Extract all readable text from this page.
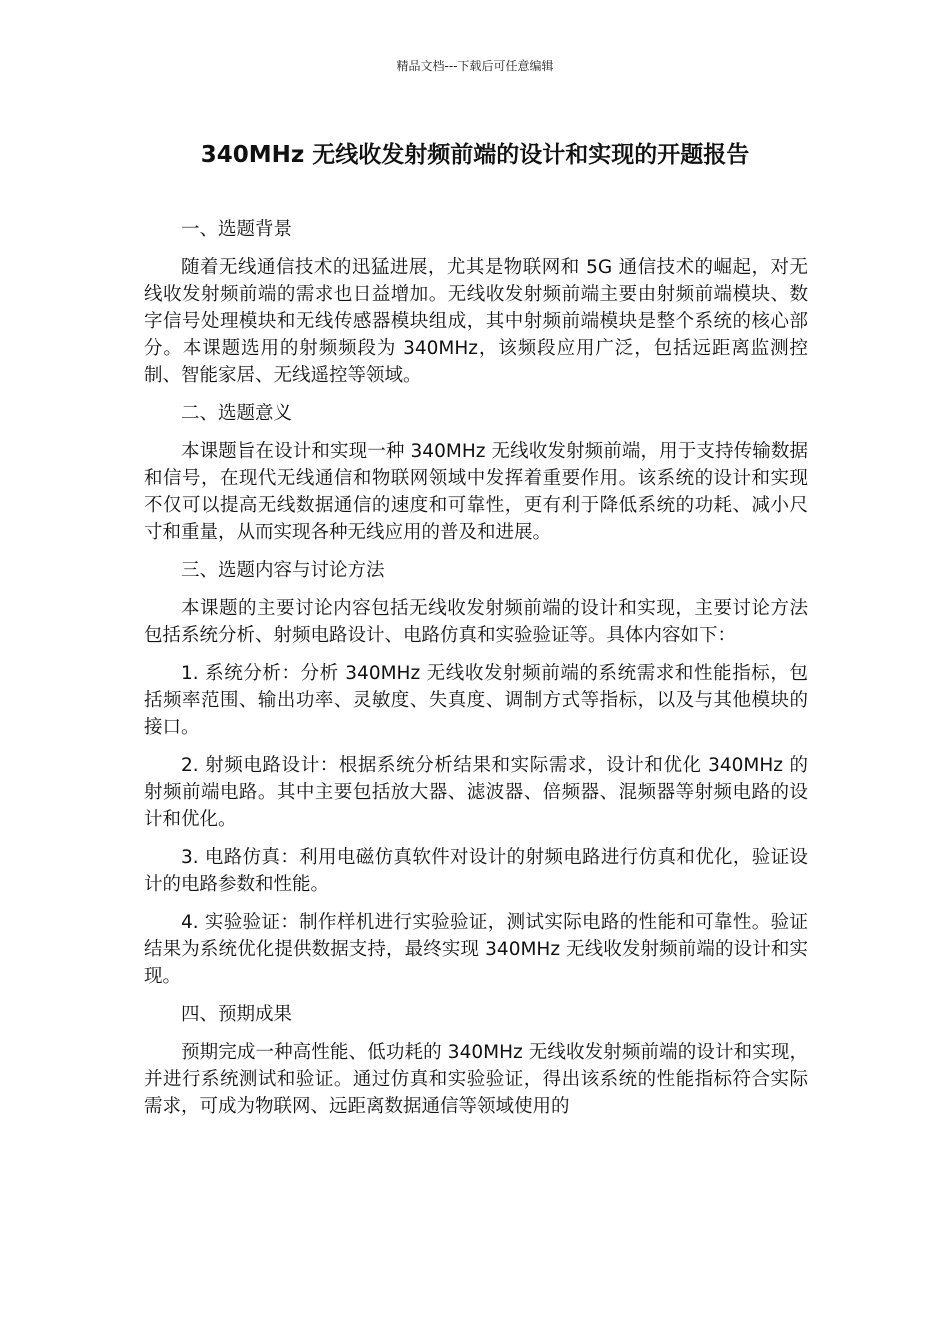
精品文档---下载后可任意编辑
340MHz 无线收发射频前端的设计和实现的开题报告

一、选题背景

随着无线通信技术的迅猛进展，尤其是物联网和 5G 通信技术的崛起，对无线收发射频前端的需求也日益增加。无线收发射频前端主要由射频前端模块、数字信号处理模块和无线传感器模块组成，其中射频前端模块是整个系统的核心部分。本课题选用的射频频段为 340MHz，该频段应用广泛，包括远距离监测控制、智能家居、无线遥控等领域。

二、选题意义

本课题旨在设计和实现一种 340MHz 无线收发射频前端，用于支持传输数据和信号，在现代无线通信和物联网领域中发挥着重要作用。该系统的设计和实现不仅可以提高无线数据通信的速度和可靠性，更有利于降低系统的功耗、减小尺寸和重量，从而实现各种无线应用的普及和进展。

三、选题内容与讨论方法

本课题的主要讨论内容包括无线收发射频前端的设计和实现，主要讨论方法包括系统分析、射频电路设计、电路仿真和实验验证等。具体内容如下：

1. 系统分析：分析 340MHz 无线收发射频前端的系统需求和性能指标，包括频率范围、输出功率、灵敏度、失真度、调制方式等指标，以及与其他模块的接口。

2. 射频电路设计：根据系统分析结果和实际需求，设计和优化 340MHz 的射频前端电路。其中主要包括放大器、滤波器、倍频器、混频器等射频电路的设计和优化。

3. 电路仿真：利用电磁仿真软件对设计的射频电路进行仿真和优化，验证设计的电路参数和性能。

4. 实验验证：制作样机进行实验验证，测试实际电路的性能和可靠性。验证结果为系统优化提供数据支持，最终实现 340MHz 无线收发射频前端的设计和实现。

四、预期成果

预期完成一种高性能、低功耗的 340MHz 无线收发射频前端的设计和实现，并进行系统测试和验证。通过仿真和实验验证，得出该系统的性能指标符合实际需求，可成为物联网、远距离数据通信等领域使用的
